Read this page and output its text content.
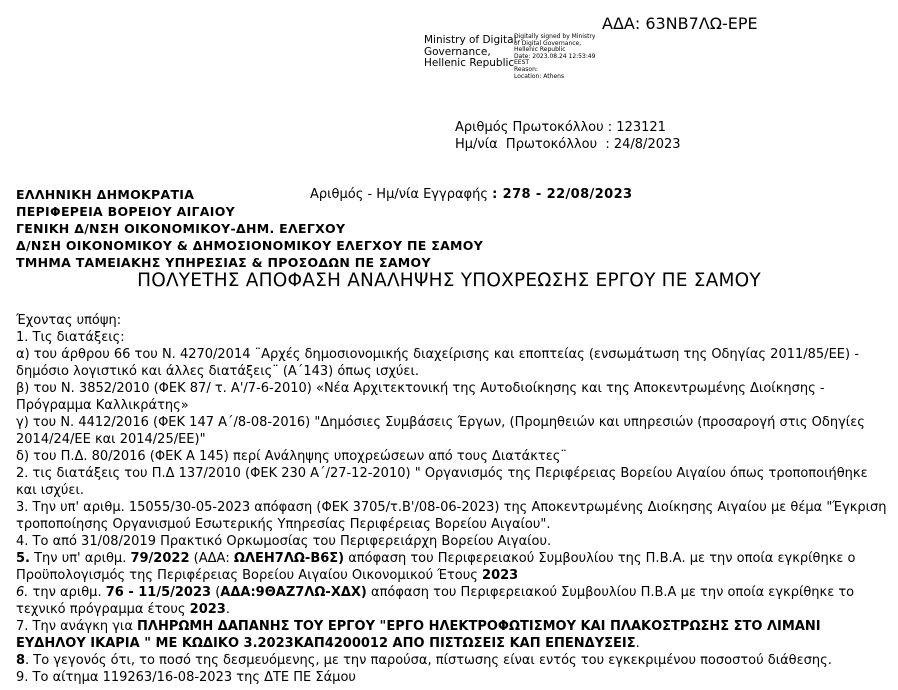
ΑΔΑ: 63ΝΒ7ΛΩ-ΕΡΕ
Ministry of Digital
Governance,
Hellenic Republic
Digitally signed by Ministry
of Digital Governance,
Hellenic Republic
Date: 2023.08.24 12:53:49
EEST
Reason:
Location: Athens
Αριθμός Πρωτοκόλλου : 123121
Ημ/νία  Πρωτοκόλλου  : 24/8/2023
ΕΛΛΗΝΙΚΗ ΔΗΜΟΚΡΑΤΙΑ
ΠΕΡΙΦΕΡΕΙΑ ΒΟΡΕΙΟΥ ΑΙΓΑΙΟΥ
ΓΕΝΙΚΗ Δ/ΝΣΗ ΟΙΚΟΝΟΜΙΚΟΥ-ΔΗΜ. ΕΛΕΓΧΟΥ
Δ/ΝΣΗ ΟΙΚΟΝΟΜΙΚΟΥ & ΔΗΜΟΣΙΟΝΟΜΙΚΟΥ ΕΛΕΓΧΟΥ ΠΕ ΣΑΜΟΥ
ΤΜΗΜΑ ΤΑΜΕΙΑΚΗΣ ΥΠΗΡΕΣΙΑΣ & ΠΡΟΣΟΔΩΝ ΠΕ ΣΑΜΟΥ
Αριθμός - Ημ/νία Εγγραφής : 278 - 22/08/2023
ΠΟΛΥΕΤΗΣ ΑΠΟΦΑΣΗ ΑΝΑΛΗΨΗΣ ΥΠΟΧΡΕΩΣΗΣ ΕΡΓΟΥ ΠΕ ΣΑΜΟΥ

Έχοντας υπόψη:

1. Τις διατάξεις:

α) του άρθρου 66 του Ν. 4270/2014 ¨Αρχές δημοσιονομικής διαχείρισης και εποπτείας (ενσωμάτωση της Οδηγίας 2011/85/ΕΕ) - δημόσιο λογιστικό και άλλες διατάξεις¨ (Α΄143) όπως ισχύει.

β) του Ν. 3852/2010 (ΦΕΚ 87/ τ. Α'/7-6-2010) «Νέα Αρχιτεκτονική της Αυτοδιοίκησης και της Αποκεντρωμένης Διοίκησης - Πρόγραμμα Καλλικράτης»

γ) του Ν. 4412/2016 (ΦΕΚ 147 Α΄/8-08-2016) "Δημόσιες Συμβάσεις Έργων, (Προμηθειών και υπηρεσιών (προσαρογή στις Οδηγίες 2014/24/ΕΕ και 2014/25/ΕΕ)"

δ) του Π.Δ. 80/2016 (ΦΕΚ Α 145) περί Ανάληψης υποχρεώσεων από τους Διατάκτες¨

2. τις διατάξεις του Π.Δ 137/2010 (ΦΕΚ 230 Α΄/27-12-2010) " Οργανισμός της Περιφέρειας Βορείου Αιγαίου όπως τροποποιήθηκε και ισχύει.

3. Την υπ' αριθμ. 15055/30-05-2023 απόφαση (ΦΕΚ 3705/τ.Β'/08-06-2023) της Αποκεντρωμένης Διοίκησης Αιγαίου με θέμα "Έγκριση τροποποίησης Οργανισμού Εσωτερικής Υπηρεσίας Περιφέρειας Βορείου Αιγαίου".

4. Το από 31/08/2019 Πρακτικό Ορκωμοσίας του Περιφερειάρχη Βορείου Αιγαίου.

5. Την υπ' αριθμ. 79/2022 (ΑΔΑ: ΩΛΕΗ7ΛΩ-Β6Σ) απόφαση του Περιφερειακού Συμβουλίου της Π.Β.Α. με την οποία εγκρίθηκε ο Προϋπολογισμός της Περιφέρειας Βορείου Αιγαίου Οικονομικού Έτους 2023

6. την αριθμ. 76 - 11/5/2023 (ΑΔΑ:9ΘΑΖ7ΛΩ-ΧΔΧ) απόφαση του Περιφερειακού Συμβουλίου Π.Β.Α με την οποία εγκρίθηκε το τεχνικό πρόγραμμα έτους 2023.

7. Την ανάγκη για ΠΛΗΡΩΜΗ ΔΑΠΑΝΗΣ ΤΟΥ ΕΡΓΟΥ "ΕΡΓΟ ΗΛΕΚΤΡΟΦΩΤΙΣΜΟΥ ΚΑΙ ΠΛΑΚΟΣΤΡΩΣΗΣ ΣΤΟ ΛΙΜΑΝΙ ΕΥΔΗΛΟΥ ΙΚΑΡΙΑ " ΜΕ ΚΩΔΙΚΟ 3.2023ΚΑΠ4200012 ΑΠΟ ΠΙΣΤΩΣΕΙΣ ΚΑΠ ΕΠΕΝΔΥΣΕΙΣ.

8. Το γεγονός ότι, το ποσό της δεσμευόμενης, με την παρούσα, πίστωσης είναι εντός του εγκεκριμένου ποσοστού διάθεσης.

9. Το αίτημα 119263/16-08-2023 της ΔΤΕ ΠΕ Σάμου
